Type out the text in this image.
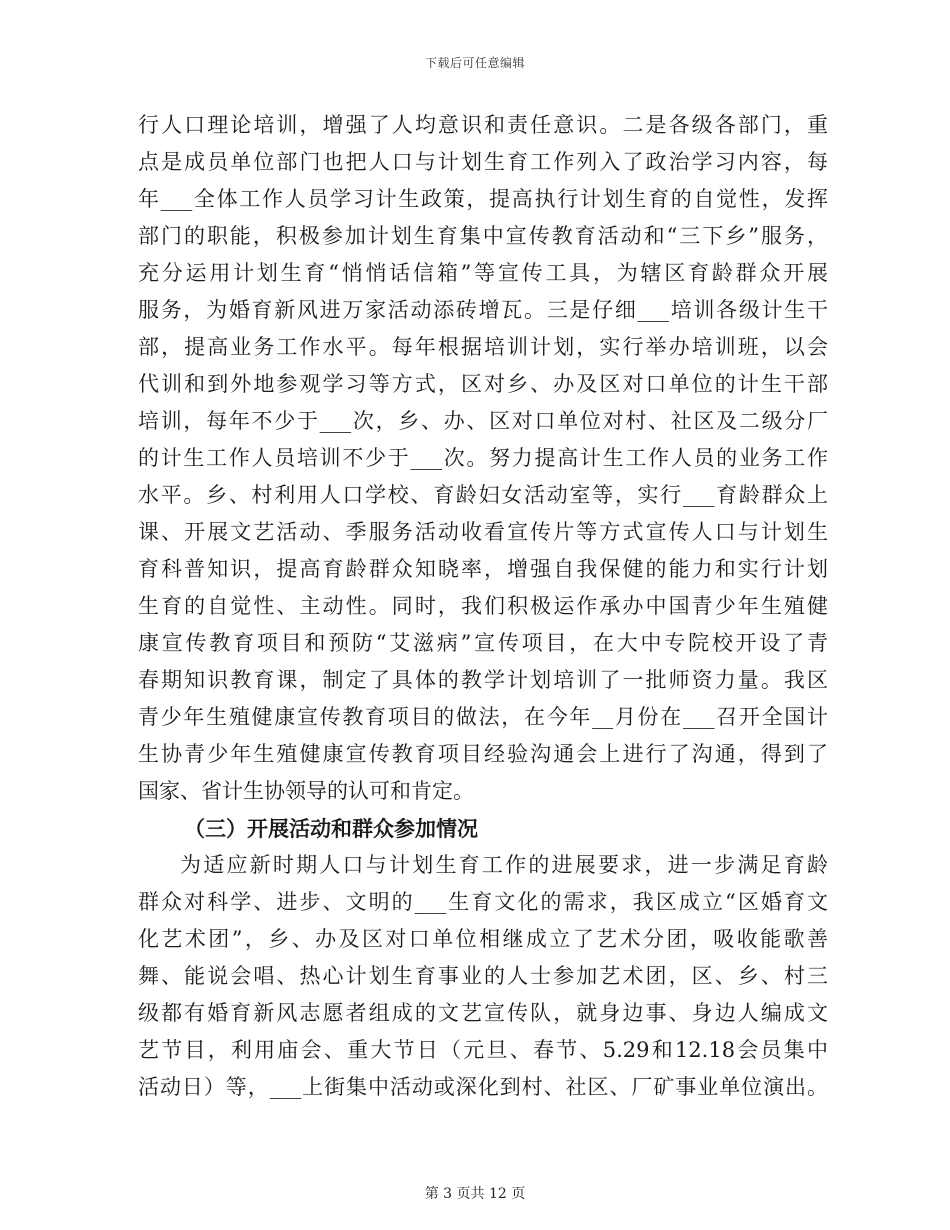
下载后可任意编辑
行人口理论培训，增强了人均意识和责任意识。二是各级各部门，重
点是成员单位部门也把人口与计划生育工作列入了政治学习内容，每
年___全体工作人员学习计生政策，提高执行计划生育的自觉性，发挥
部门的职能，积极参加计划生育集中宣传教育活动和“三下乡”服务，
充分运用计划生育“悄悄话信箱”等宣传工具，为辖区育龄群众开展
服务，为婚育新风进万家活动添砖增瓦。三是仔细___培训各级计生干
部，提高业务工作水平。每年根据培训计划，实行举办培训班，以会
代训和到外地参观学习等方式，区对乡、办及区对口单位的计生干部
培训，每年不少于___次，乡、办、区对口单位对村、社区及二级分厂
的计生工作人员培训不少于___次。努力提高计生工作人员的业务工作
水平。乡、村利用人口学校、育龄妇女活动室等，实行___育龄群众上
课、开展文艺活动、季服务活动收看宣传片等方式宣传人口与计划生
育科普知识，提高育龄群众知晓率，增强自我保健的能力和实行计划
生育的自觉性、主动性。同时，我们积极运作承办中国青少年生殖健
康宣传教育项目和预防“艾滋病”宣传项目，在大中专院校开设了青
春期知识教育课，制定了具体的教学计划培训了一批师资力量。我区
青少年生殖健康宣传教育项目的做法，在今年__月份在___召开全国计
生协青少年生殖健康宣传教育项目经验沟通会上进行了沟通，得到了
国家、省计生协领导的认可和肯定。
（三）开展活动和群众参加情况
为适应新时期人口与计划生育工作的进展要求，进一步满足育龄
群众对科学、进步、文明的___生育文化的需求，我区成立“区婚育文
化艺术团”，乡、办及区对口单位相继成立了艺术分团，吸收能歌善
舞、能说会唱、热心计划生育事业的人士参加艺术团，区、乡、村三
级都有婚育新风志愿者组成的文艺宣传队，就身边事、身边人编成文
艺节目，利用庙会、重大节日（元旦、春节、5.29和12.18会员集中
活动日）等，___上街集中活动或深化到村、社区、厂矿事业单位演出。
第 3 页共 12 页
